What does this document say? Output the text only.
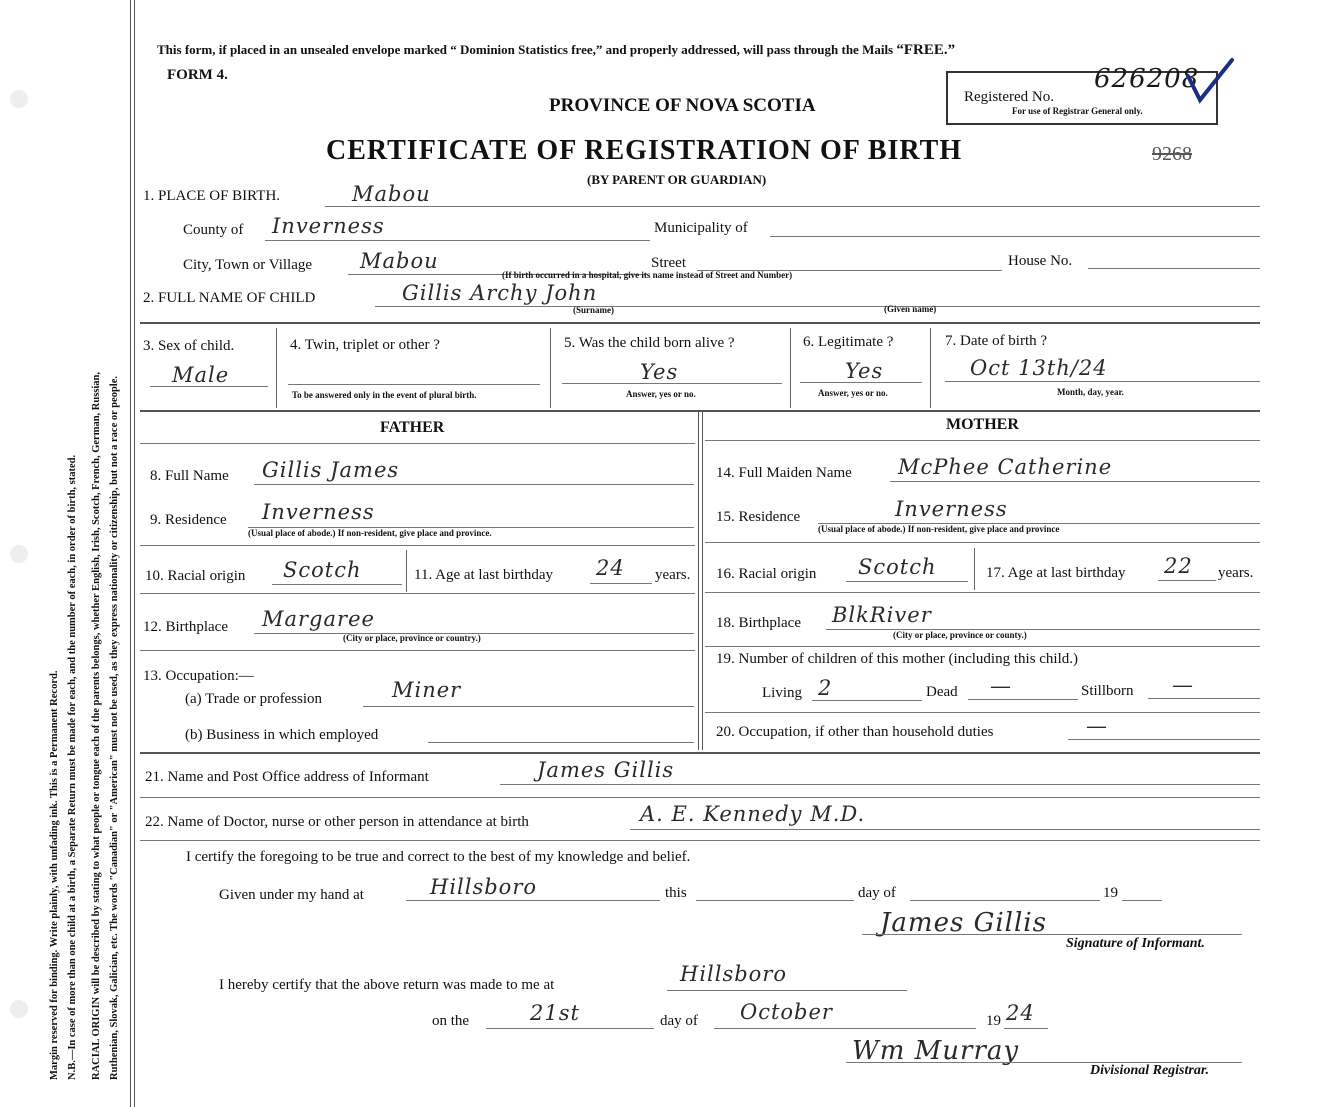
Margin reserved for binding. Write plainly, with unfading ink. This is a Permanent Record. N.B.—In case of more than one child at a birth, a Separate Return must be made for each, and the number of each, in order of birth, stated. RACIAL ORIGIN will be described by stating to what people or tongue each of the parents belongs, whether English, Irish, Scotch, French, German, Russian, Ruthenian, Slovak, Galician, etc. The words "Canadian" or "American" must not be used, as they express nationality or citizenship, but not a race or people.
This form, if placed in an unsealed envelope marked “ Dominion Statistics free,” and properly addressed, will pass through the Mails “FREE.”
FORM 4.
PROVINCE OF NOVA SCOTIA
CERTIFICATE OF REGISTRATION OF BIRTH
(BY PARENT OR GUARDIAN)
Registered No.
626208
For use of Registrar General only.
9268
1. PLACE OF BIRTH.	Mabou
County of Inverness	Municipality of
City, Town or Village Mabou	Street	House No.
(If birth occurred in a hospital, give its name instead of Street and Number)
2. FULL NAME OF CHILD	Gillis Archy John
(Surname)	(Given name)
3. Sex of child.
Male
4. Twin, triplet or other ?
To be answered only in the event of plural birth.
5. Was the child born alive ?
Yes
Answer, yes or no.
6. Legitimate ?
Yes
Answer, yes or no.
7. Date of birth ?
Oct 13th/24
Month, day, year.
FATHER	MOTHER
8. Full Name Gillis James
9. Residence Inverness
(Usual place of abode.) If non-resident, give place and province.
10. Racial origin Scotch	11. Age at last birthday 24 years.
12. Birthplace Margaree
(City or place, province or country.)
13. Occupation:—
(a) Trade or profession	Miner
(b) Business in which employed
14. Full Maiden Name McPhee Catherine
15. Residence	Inverness
(Usual place of abode.) If non-resident, give place and province
16. Racial origin Scotch	17. Age at last birthday 22 years.
18. Birthplace BlkRiver
(City or place, province or county.)
19. Number of children of this mother (including this child.)
Living 2	Dead —	Stillborn —
20. Occupation, if other than household duties	—
21. Name and Post Office address of Informant	James Gillis
22. Name of Doctor, nurse or other person in attendance at birth	A. E. Kennedy M.D.
I certify the foregoing to be true and correct to the best of my knowledge and belief.
Given under my hand at	Hillsboro	this	day of	19
James Gillis
Signature of Informant.
I hereby certify that the above return was made to me at	Hillsboro
on the	21st	day of October	19 24
Wm Murray
Divisional Registrar.
